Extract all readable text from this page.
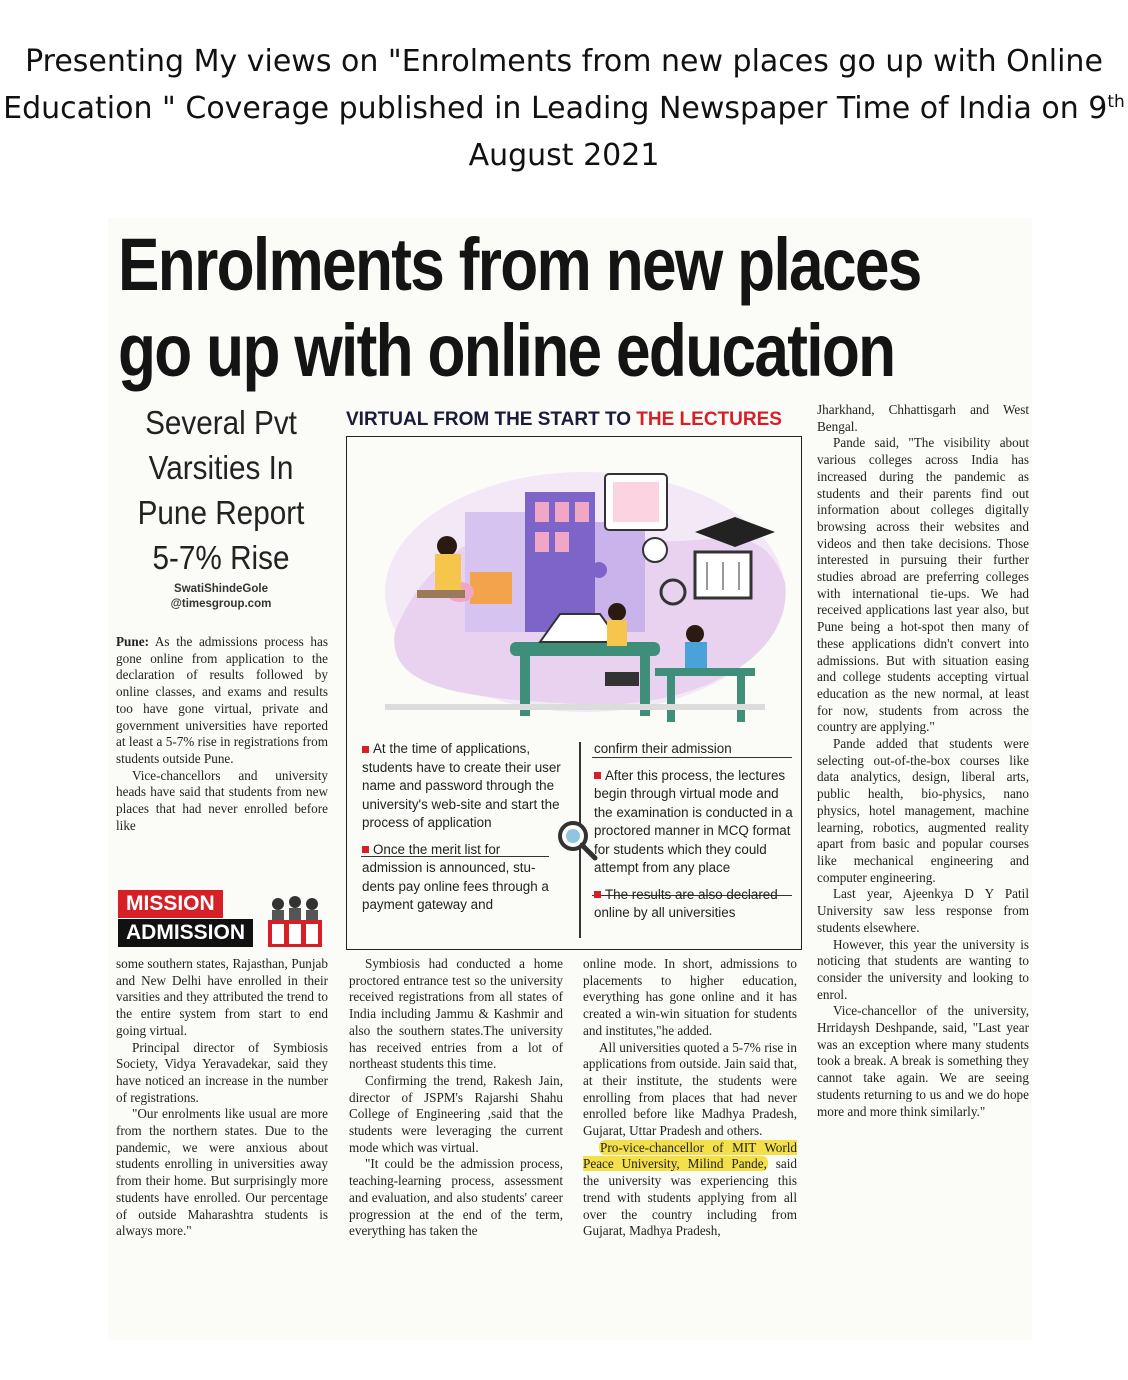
Presenting My views on "Enrolments from new places go up with Online
Education " Coverage published in Leading Newspaper Time of India on 9th
August 2021
Enrolments from new places
go up with online education
Several Pvt
Varsities In
Pune Report
5-7% Rise
SwatiShindeGole
@timesgroup.com

Pune: As the admissions process has gone online from application to the declaration of results followed by online classes, and exams and results too have gone virtual, private and government universities have reported at least a 5-7% rise in registrations from students outside Pune.

Vice-chancellors and university heads have said that students from new places that had never enrolled before like

MISSION
ADMISSION

some southern states, Rajasthan, Punjab and New Delhi have enrolled in their varsities and they attributed the trend to the entire system from start to end going virtual.

Principal director of Symbiosis Society, Vidya Yeravadekar, said they have noticed an increase in the number of registrations.

"Our enrolments like usual are more from the northern states. Due to the pandemic, we were anxious about students enrolling in universities away from their home. But surprisingly more students have enrolled. Our percentage of outside Maharashtra students is always more."

VIRTUAL FROM THE START TO THE LECTURES
At the time of applications, students have to create their user name and password through the university's web-site and start the process of application
Once the merit list for admission is announced, stu-dents pay online fees through a payment gateway and
confirm their admission
After this process, the lectures begin through virtual mode and the examination is conducted in a proctored manner in MCQ format for students which they could attempt from any place
The results are also declared online by all universities

Symbiosis had conducted a home proctored entrance test so the university received registrations from all states of India including Jammu & Kashmir and also the southern states.The university has received entries from a lot of northeast students this time.

Confirming the trend, Rakesh Jain, director of JSPM's Rajarshi Shahu College of Engineering ,said that the students were leveraging the current mode which was virtual.

"It could be the admission process, teaching-learning process, assessment and evaluation, and also students' career progression at the end of the term, everything has taken the

online mode. In short, admissions to placements to higher education, everything has gone online and it has created a win-win situation for students and institutes,"he added.

All universities quoted a 5-7% rise in applications from outside. Jain said that, at their institute, the students were enrolling from places that had never enrolled before like Madhya Pradesh, Gujarat, Uttar Pradesh and others.

Pro-vice-chancellor of MIT World Peace University, Milind Pande, said the university was experiencing this trend with students applying from all over the country including from Gujarat, Madhya Pradesh,

Jharkhand, Chhattisgarh and West Bengal.

Pande said, "The visibility about various colleges across India has increased during the pandemic as students and their parents find out information about colleges digitally browsing across their websites and videos and then take decisions. Those interested in pursuing their further studies abroad are preferring colleges with international tie-ups. We had received applications last year also, but Pune being a hot-spot then many of these applications didn't convert into admissions. But with situation easing and college students accepting virtual education as the new normal, at least for now, students from across the country are applying."

Pande added that students were selecting out-of-the-box courses like data analytics, design, liberal arts, public health, bio-physics, nano physics, hotel management, machine learning, robotics, augmented reality apart from basic and popular courses like mechanical engineering and computer engineering.

Last year, Ajeenkya D Y Patil University saw less response from students elsewhere.

However, this year the university is noticing that students are wanting to consider the university and looking to enrol.

Vice-chancellor of the university, Hrridaysh Deshpande, said, "Last year was an exception where many students took a break. A break is something they cannot take again. We are seeing students returning to us and we do hope more and more think similarly."
